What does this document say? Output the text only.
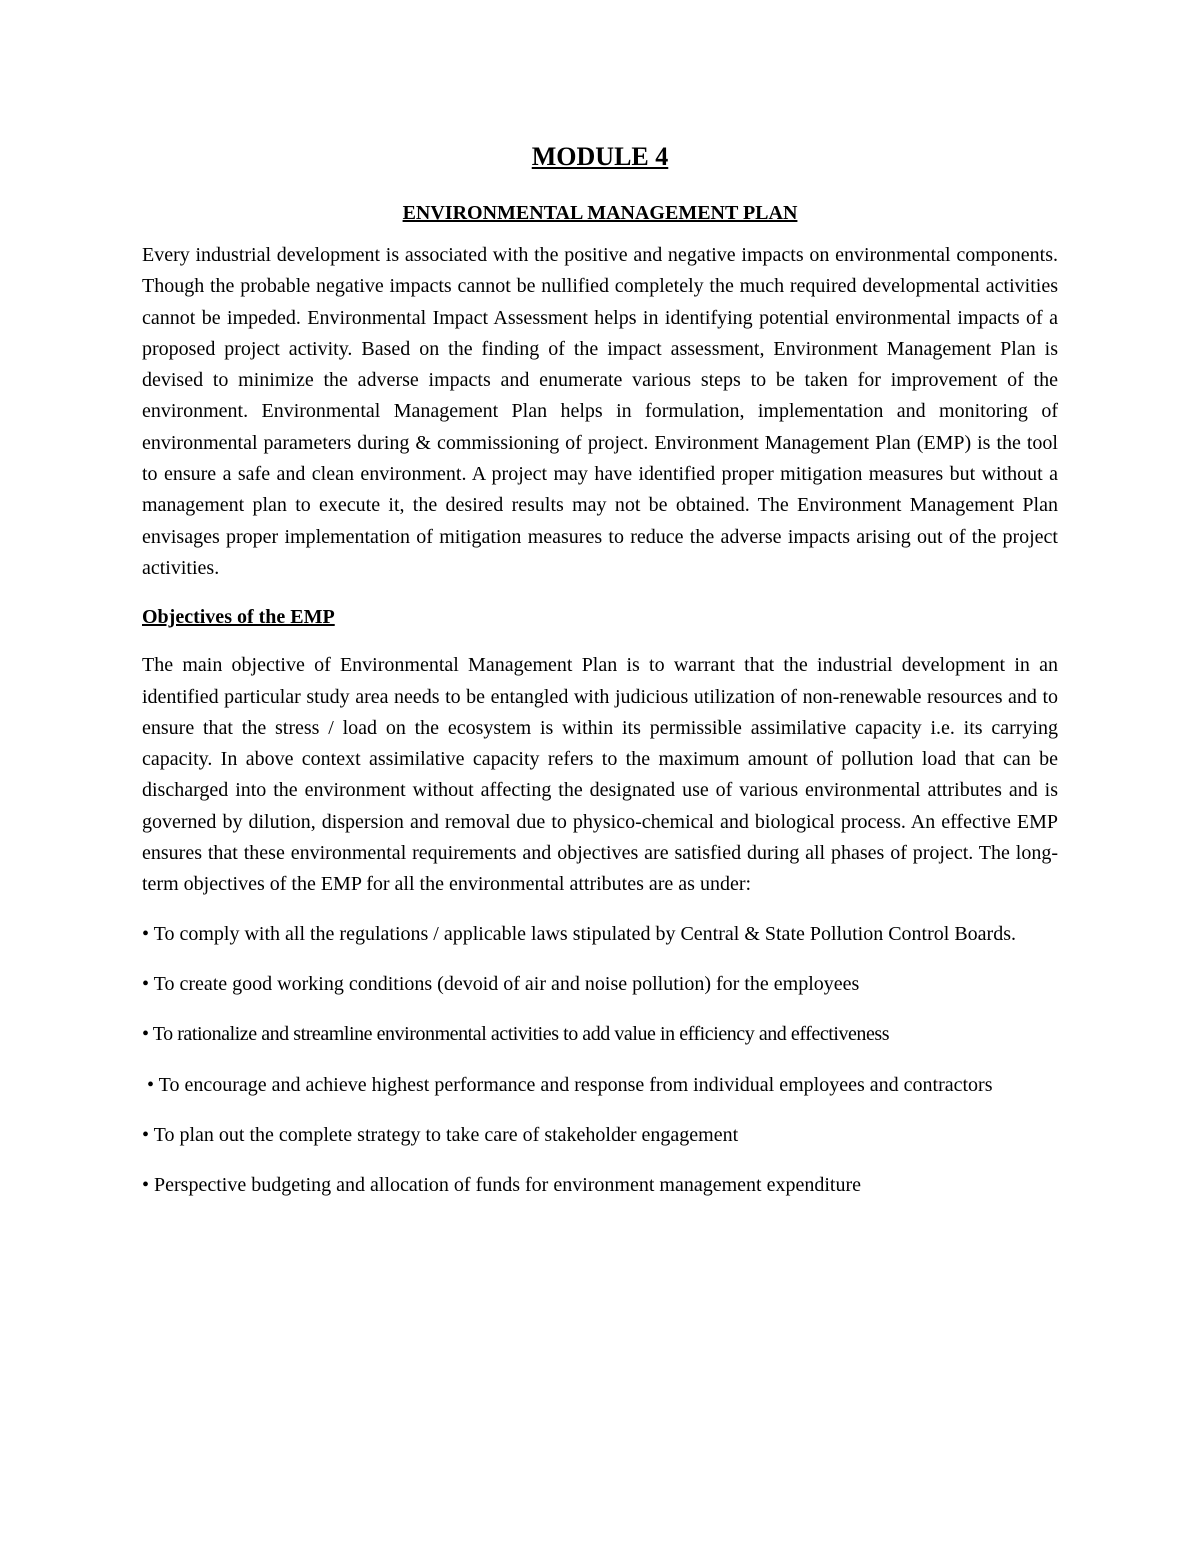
MODULE 4
ENVIRONMENTAL MANAGEMENT PLAN

Every industrial development is associated with the positive and negative impacts on environmental components. Though the probable negative impacts cannot be nullified completely the much required developmental activities cannot be impeded. Environmental Impact Assessment helps in identifying potential environmental impacts of a proposed project activity. Based on the finding of the impact assessment, Environment Management Plan is devised to minimize the adverse impacts and enumerate various steps to be taken for improvement of the environment. Environmental Management Plan helps in formulation, implementation and monitoring of environmental parameters during & commissioning of project. Environment Management Plan (EMP) is the tool to ensure a safe and clean environment. A project may have identified proper mitigation measures but without a management plan to execute it, the desired results may not be obtained. The Environment Management Plan envisages proper implementation of mitigation measures to reduce the adverse impacts arising out of the project activities.

Objectives of the EMP

The main objective of Environmental Management Plan is to warrant that the industrial development in an identified particular study area needs to be entangled with judicious utilization of non-renewable resources and to ensure that the stress / load on the ecosystem is within its permissible assimilative capacity i.e. its carrying capacity. In above context assimilative capacity refers to the maximum amount of pollution load that can be discharged into the environment without affecting the designated use of various environmental attributes and is governed by dilution, dispersion and removal due to physico-chemical and biological process. An effective EMP ensures that these environmental requirements and objectives are satisfied during all phases of project. The long-term objectives of the EMP for all the environmental attributes are as under:

• To comply with all the regulations / applicable laws stipulated by Central & State Pollution Control Boards.

• To create good working conditions (devoid of air and noise pollution) for the employees

• To rationalize and streamline environmental activities to add value in efficiency and effectiveness

• To encourage and achieve highest performance and response from individual employees and contractors

• To plan out the complete strategy to take care of stakeholder engagement

• Perspective budgeting and allocation of funds for environment management expenditure
